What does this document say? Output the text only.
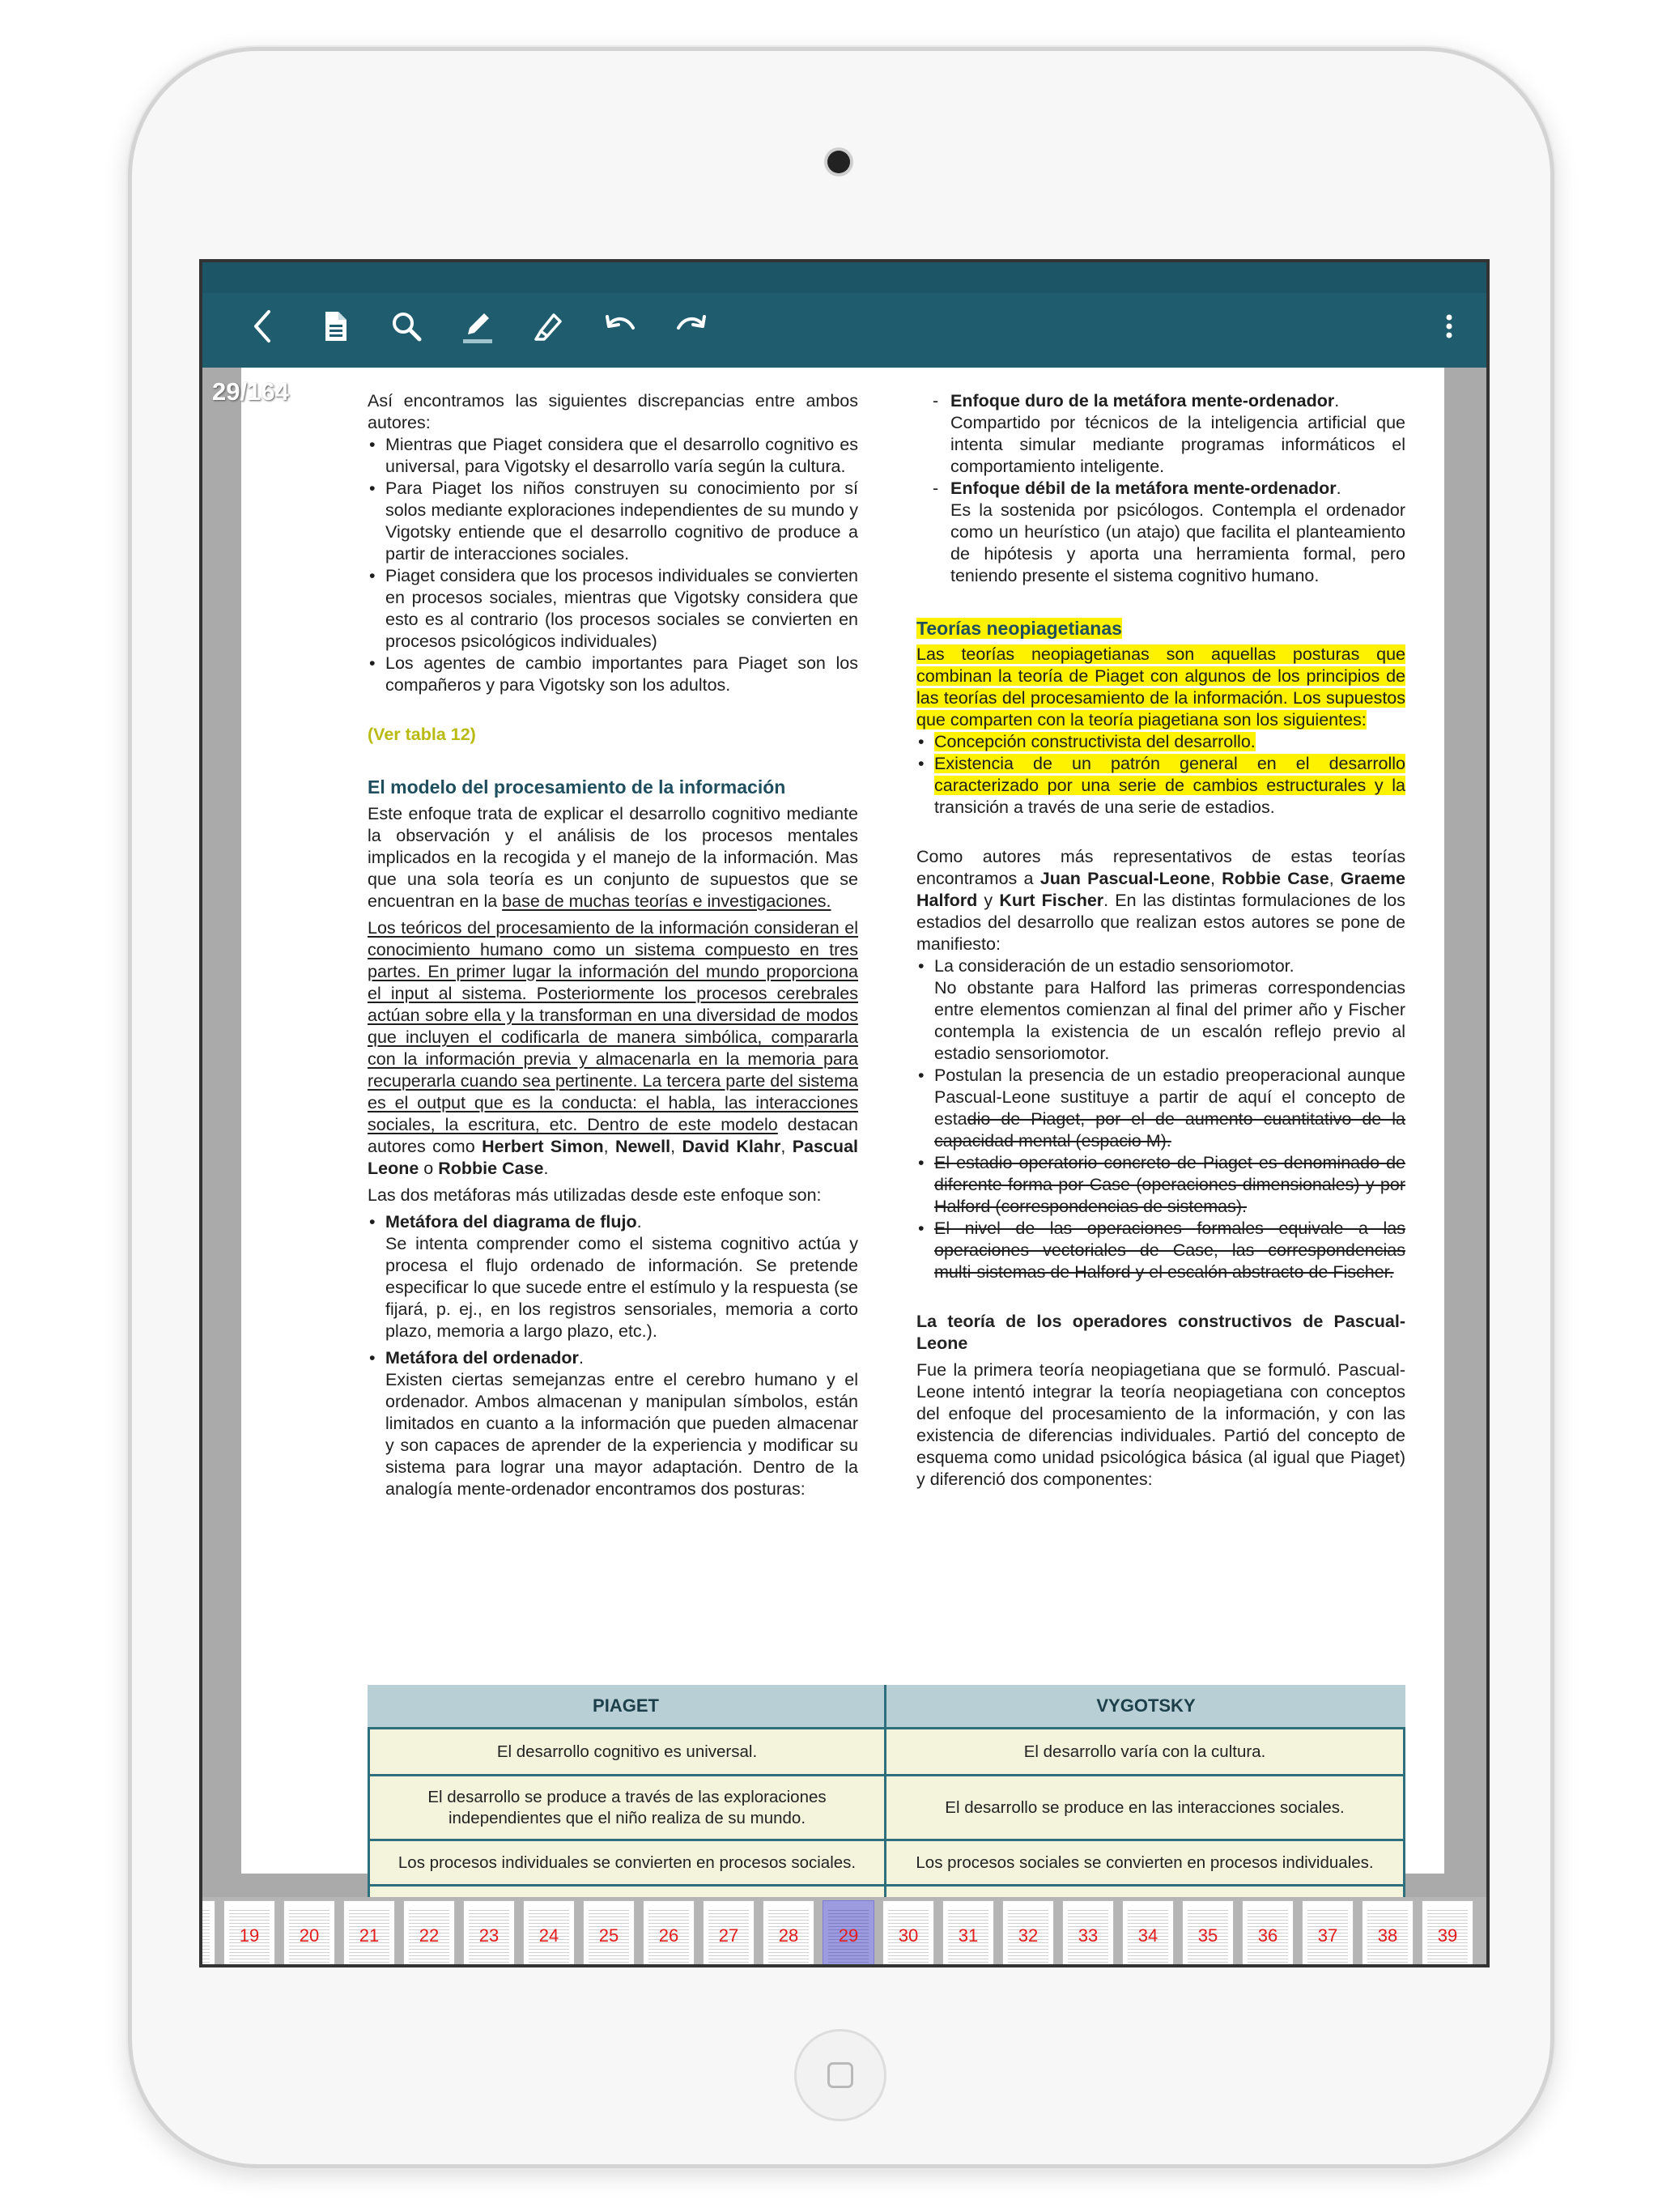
29/164	Así encontramos las siguientes discrepancias entre ambos autores:

• Mientras que Piaget considera que el desarrollo cognitivo es universal, para Vigotsky el desarrollo varía según la cultura.
• Para Piaget los niños construyen su conocimiento por sí solos mediante exploraciones independientes de su mundo y Vigotsky entiende que el desarrollo cognitivo de produce a partir de interacciones sociales.
• Piaget considera que los procesos individuales se convierten en procesos sociales, mientras que Vigotsky considera que esto es al contrario (los procesos sociales se convierten en procesos psicológicos individuales)
• Los agentes de cambio importantes para Piaget son los compañeros y para Vigotsky son los adultos.

(Ver tabla 12)

El modelo del procesamiento de la información

Este enfoque trata de explicar el desarrollo cognitivo mediante la observación y el análisis de los procesos mentales implicados en la recogida y el manejo de la información. Mas que una sola teoría es un conjunto de supuestos que se encuentran en la base de muchas teorías e investigaciones.

Los teóricos del procesamiento de la información consideran el conocimiento humano como un sistema compuesto en tres partes. En primer lugar la información del mundo proporciona el input al sistema. Posteriormente los procesos cerebrales actúan sobre ella y la transforman en una diversidad de modos que incluyen el codificarla de manera simbólica, compararla con la información previa y almacenarla en la memoria para recuperarla cuando sea pertinente. La tercera parte del sistema es el output que es la conducta: el habla, las interacciones sociales, la escritura, etc. Dentro de este modelo destacan autores como Herbert Simon, Newell, David Klahr, Pascual Leone o Robbie Case.

Las dos metáforas más utilizadas desde este enfoque son:

• Metáfora del diagrama de flujo.

Se intenta comprender como el sistema cognitivo actúa y procesa el flujo ordenado de información. Se pretende especificar lo que sucede entre el estímulo y la respuesta (se fijará, p. ej., en los registros sensoriales, memoria a corto plazo, memoria a largo plazo, etc.).

• Metáfora del ordenador.

Existen ciertas semejanzas entre el cerebro humano y el ordenador. Ambos almacenan y manipulan símbolos, están limitados en cuanto a la información que pueden almacenar y son capaces de aprender de la experiencia y modificar su sistema para lograr una mayor adaptación. Dentro de la analogía mente-ordenador encontramos dos posturas:

- Enfoque duro de la metáfora mente-ordenador.

Compartido por técnicos de la inteligencia artificial que intenta simular mediante programas informáticos el comportamiento inteligente.

- Enfoque débil de la metáfora mente-ordenador.

Es la sostenida por psicólogos. Contempla el ordenador como un heurístico (un atajo) que facilita el planteamiento de hipótesis y aporta una herramienta formal, pero teniendo presente el sistema cognitivo humano.

Teorías neopiagetianas

Las teorías neopiagetianas son aquellas posturas que combinan la teoría de Piaget con algunos de los principios de las teorías del procesamiento de la información. Los supuestos que comparten con la teoría piagetiana son los siguientes:

• Concepción constructivista del desarrollo.
• Existencia de un patrón general en el desarrollo caracterizado por una serie de cambios estructurales y la transición a través de una serie de estadios.

Como autores más representativos de estas teorías encontramos a Juan Pascual-Leone, Robbie Case, Graeme Halford y Kurt Fischer. En las distintas formulaciones de los estadios del desarrollo que realizan estos autores se pone de manifiesto:

• La consideración de un estadio sensoriomotor.

No obstante para Halford las primeras correspondencias entre elementos comienzan al final del primer año y Fischer contempla la existencia de un escalón reflejo previo al estadio sensoriomotor.

• Postulan la presencia de un estadio preoperacional aunque Pascual-Leone sustituye a partir de aquí el concepto de estadio de Piaget, por el de aumento cuantitativo de la capacidad mental (espacio M).
• El estadio operatorio concreto de Piaget es denominado de diferente forma por Case (operaciones dimensionales) y por Halford (correspondencias de sistemas).
• El nivel de las operaciones formales equivale a las operaciones vectoriales de Case, las correspondencias multi-sistemas de Halford y el escalón abstracto de Fischer.

La teoría de los operadores constructivos de Pascual-Leone

Fue la primera teoría neopiagetiana que se formuló. Pascual-Leone intentó integrar la teoría neopiagetiana con conceptos del enfoque del procesamiento de la información, y con las existencia de diferencias individuales. Partió del concepto de esquema como unidad psicológica básica (al igual que Piaget) y diferenció dos componentes:

PIAGET	VYGOTSKY
El desarrollo cognitivo es universal.	El desarrollo varía con la cultura.
El desarrollo se produce a través de las exploraciones independientes que el niño realiza de su mundo.	El desarrollo se produce en las interacciones sociales.
Los procesos individuales se convierten en procesos sociales.	Los procesos sociales se convierten en procesos individuales.

19	20	21	22	23	24	25	26	27	28	29	30	31	32	33	34	35	36	37	38	39
